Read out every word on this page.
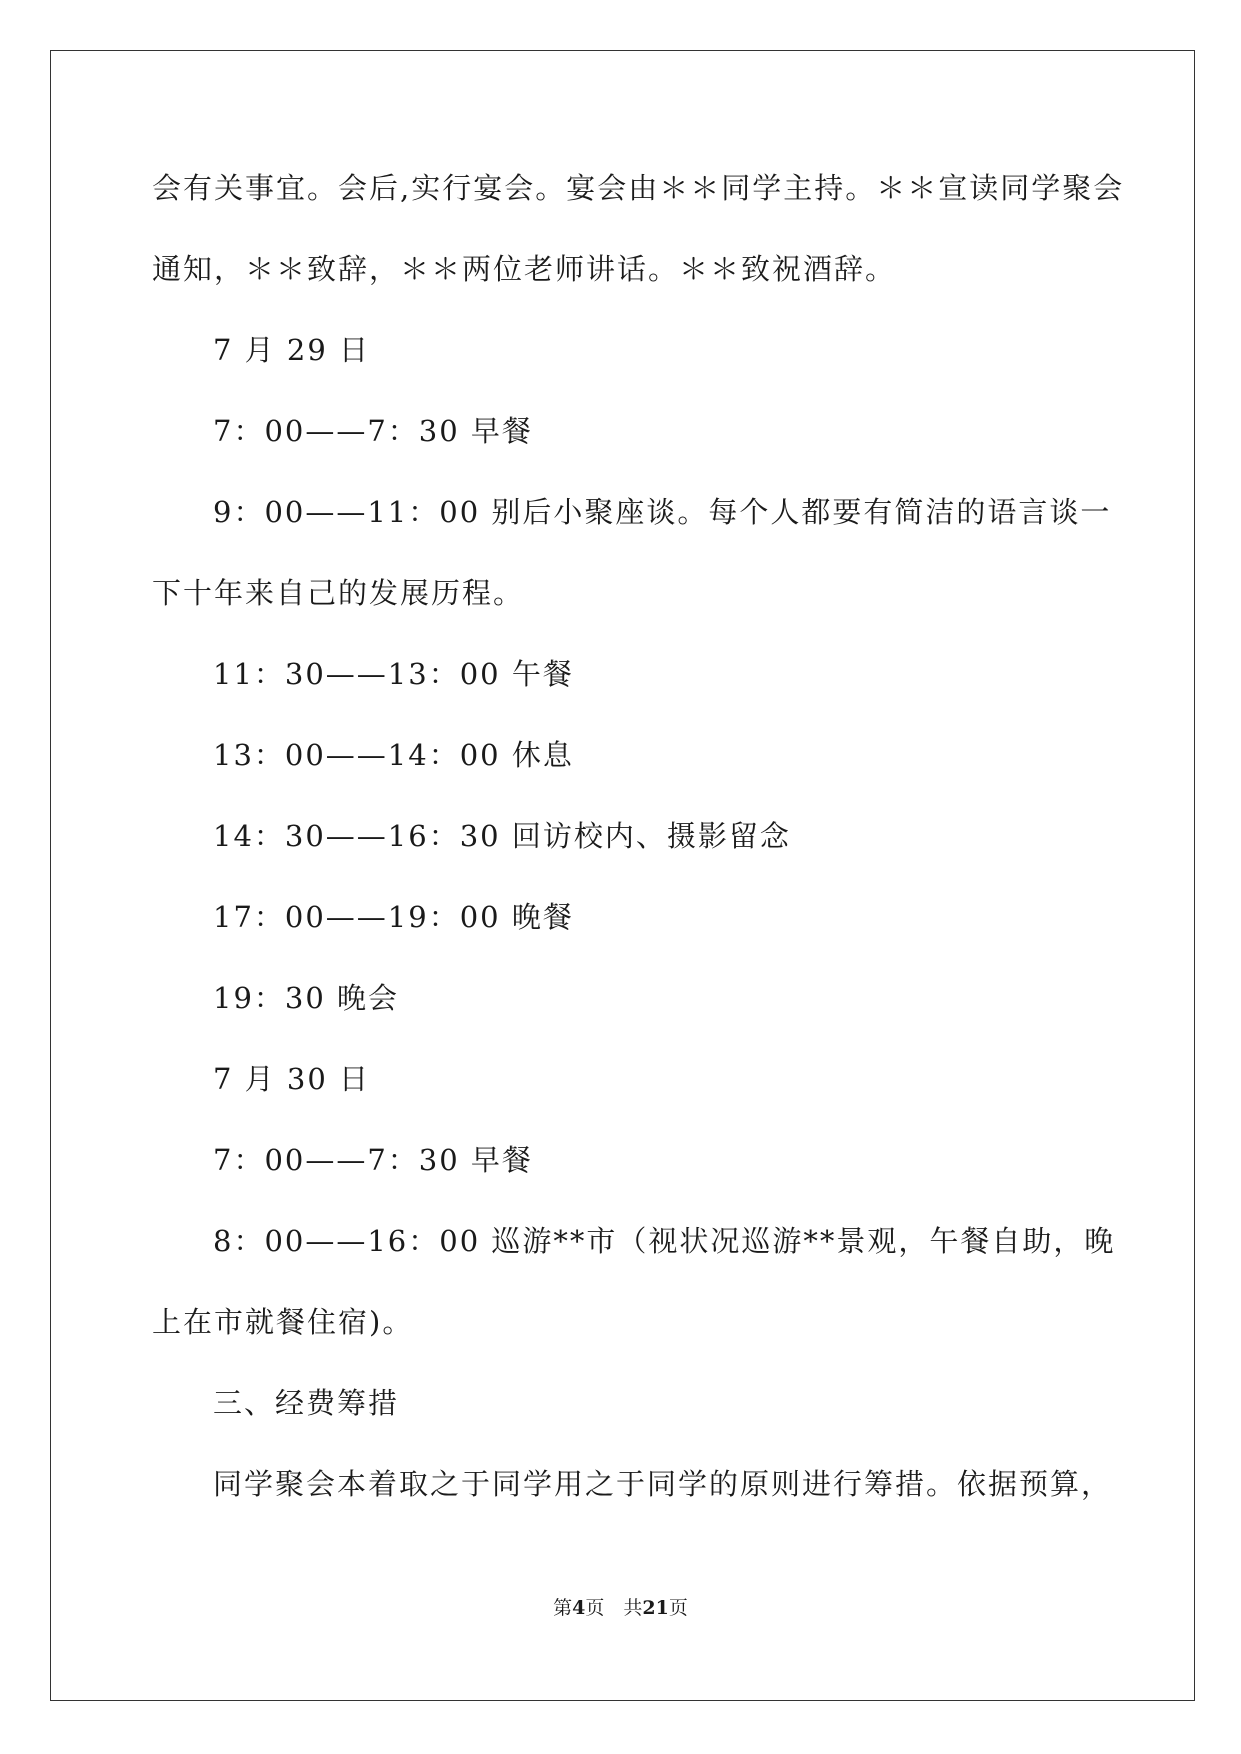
会有关事宜。会后,实行宴会。宴会由＊＊同学主持。＊＊宣读同学聚会
通知，＊＊致辞，＊＊两位老师讲话。＊＊致祝酒辞。
7 月 29 日
7：00——7：30 早餐
9：00——11：00 别后小聚座谈。每个人都要有简洁的语言谈一
下十年来自己的发展历程。
11：30——13：00 午餐
13：00——14：00 休息
14：30——16：30 回访校内、摄影留念
17：00——19：00 晚餐
19：30 晚会
7 月 30 日
7：00——7：30 早餐
8：00——16：00 巡游**市（视状况巡游**景观，午餐自助，晚
上在市就餐住宿)。
三、经费筹措
同学聚会本着取之于同学用之于同学的原则进行筹措。依据预算，
第4页　共21页
